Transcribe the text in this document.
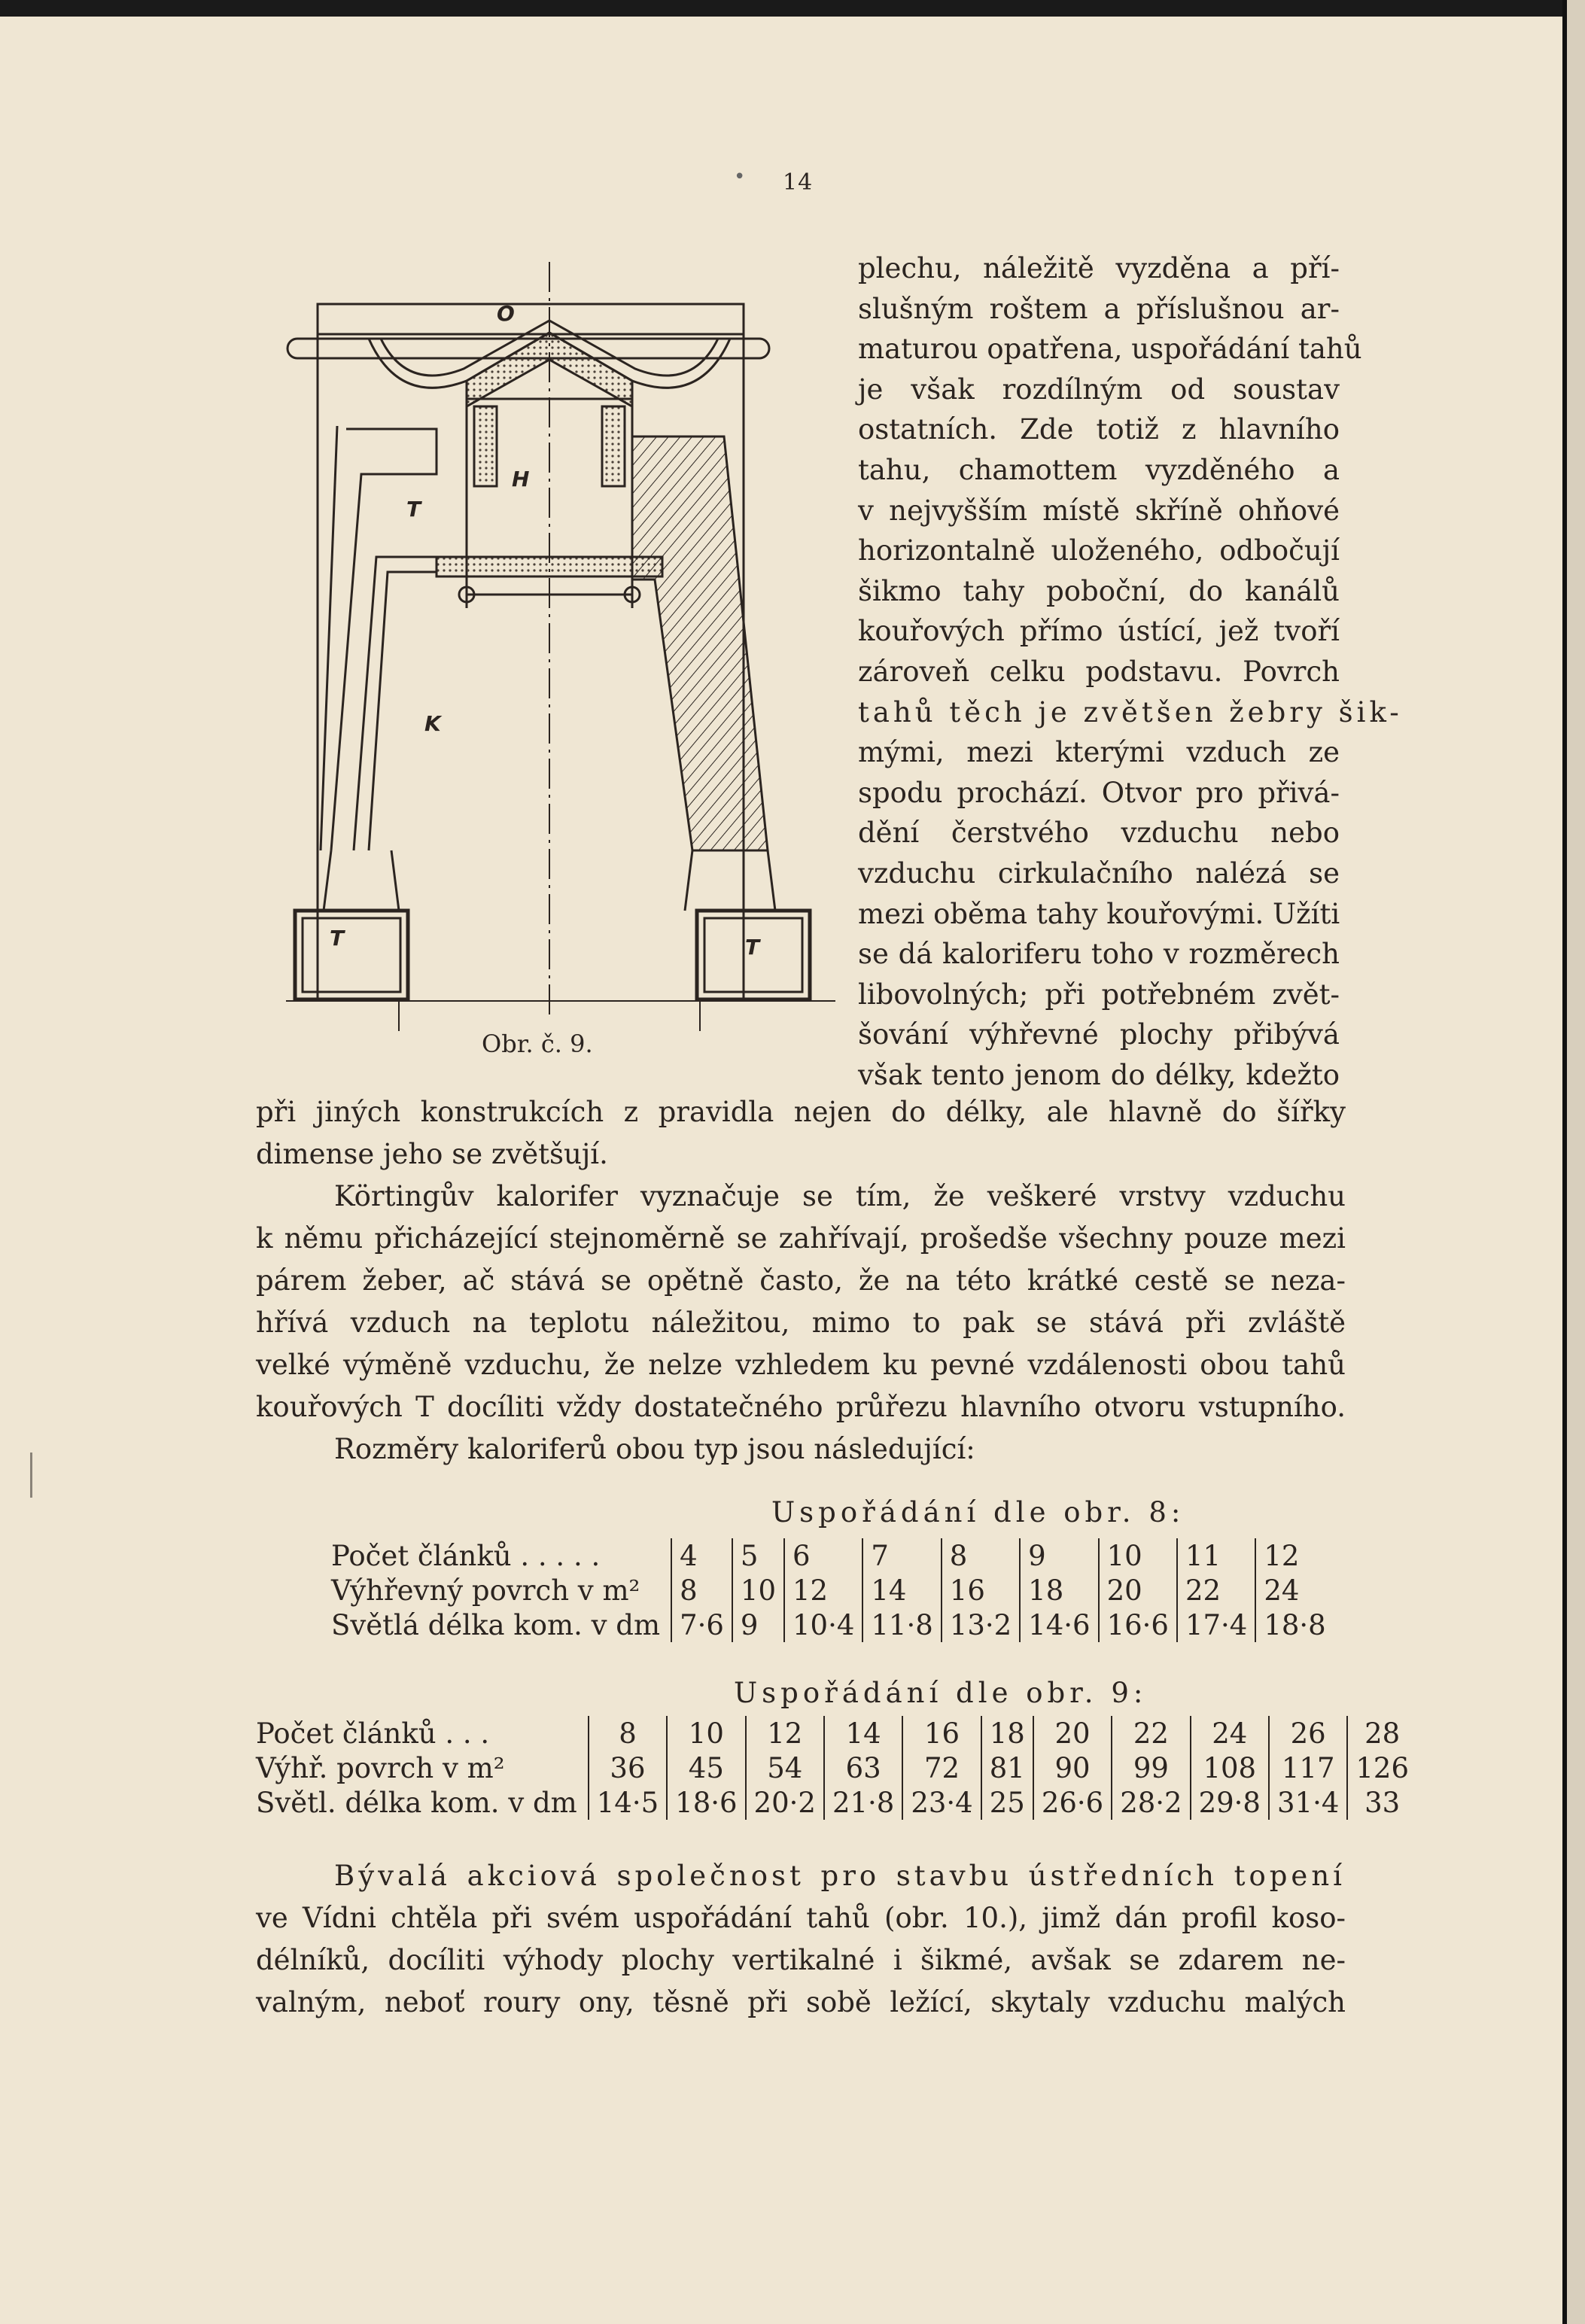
• 14
O
H
T
K
T	T
Obr. č. 9.
plechu, náležitě vyzděna a pří-
slušným roštem a příslušnou ar-
maturou opatřena, uspořádání tahů
je však rozdílným od soustav
ostatních. Zde totiž z hlavního
tahu, chamottem vyzděného a
v nejvyšším místě skříně ohňové
horizontalně uloženého, odbočují
šikmo tahy poboční, do kanálů
kouřových přímo ústící, jež tvoří
zároveň celku podstavu. Povrch
tahů těch je zvětšen žebry šik-
mými, mezi kterými vzduch ze
spodu prochází. Otvor pro přivá-
dění čerstvého vzduchu nebo
vzduchu cirkulačního nalézá se
mezi oběma tahy kouřovými. Užíti
se dá kaloriferu toho v rozměrech
libovolných; při potřebném zvět-
šování výhřevné plochy přibývá
však tento jenom do délky, kdežto
při jiných konstrukcích z pravidla nejen do délky, ale hlavně do šířky
dimense jeho se zvětšují.
Körtingův kalorifer vyznačuje se tím, že veškeré vrstvy vzduchu
k němu přicházející stejnoměrně se zahřívají, prošedše všechny pouze mezi
párem žeber, ač stává se opětně často, že na této krátké cestě se neza-
hřívá vzduch na teplotu náležitou, mimo to pak se stává při zvláště
velké výměně vzduchu, že nelze vzhledem ku pevné vzdálenosti obou tahů
kouřových T docíliti vždy dostatečného průřezu hlavního otvoru vstupního.
Rozměry kaloriferů obou typ jsou následující:
Uspořádání dle obr. 8:
Počet článků . . . . .	4	5	6	7	8	9	10	11	12
Výhřevný povrch v m²	8	10	12	14	16	18	20	22	24
Světlá délka kom. v dm	7·6	9	10·4	11·8	13·2	14·6	16·6	17·4	18·8
Uspořádání dle obr. 9:
Počet článků . . .	8	10	12	14	16	18	20	22	24	26	28
Výhř. povrch v m²	36	45	54	63	72	81	90	99	108	117	126
Světl. délka kom. v dm	14·5	18·6	20·2	21·8	23·4	25	26·6	28·2	29·8	31·4	33
Bývalá akciová společnost pro stavbu ústředních topení
ve Vídni chtěla při svém uspořádání tahů (obr. 10.), jimž dán profil koso-
délníků, docíliti výhody plochy vertikalné i šikmé, avšak se zdarem ne-
valným, neboť roury ony, těsně při sobě ležící, skytaly vzduchu malých
